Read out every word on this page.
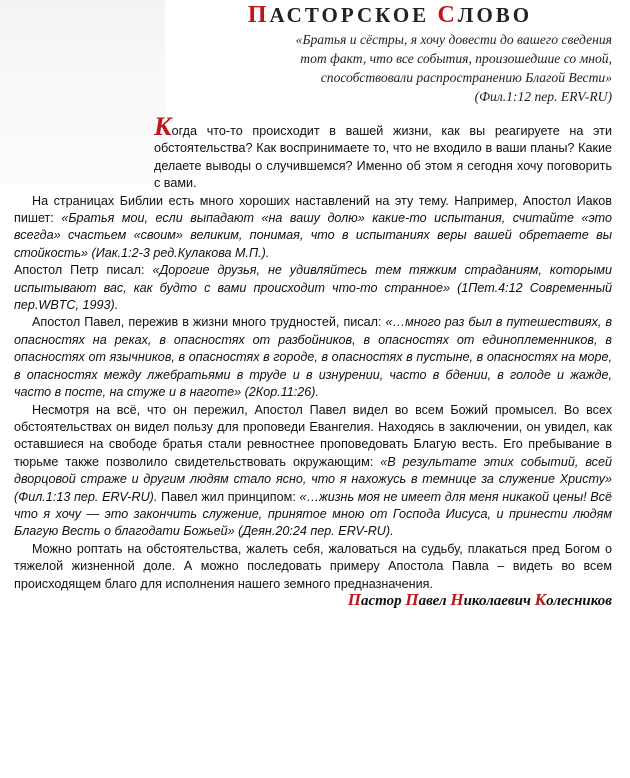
ПАСТОРСКОЕ СЛОВО
«Братья и сёстры, я хочу довести до вашего сведения
тот факт, что все события, произошедшие со мной,
способствовали распространению Благой Вести»
(Фил.1:12 пер. ERV-RU)

Когда что-то происходит в вашей жизни, как вы реагируете на эти обстоятельства? Как воспринимаете то, что не входило в ваши планы? Какие делаете выводы о случившемся? Именно об этом я сегодня хочу поговорить с вами.

На страницах Библии есть много хороших наставлений на эту тему. Например, Апостол Иаков пишет: «Братья мои, если выпадают «на вашу долю» какие-то испытания, считайте «это всегда» счастьем «своим» великим, понимая, что в испытаниях веры вашей обретаете вы стойкость» (Иак.1:2-3 ред.Кулакова М.П.).

Апостол Петр писал: «Дорогие друзья, не удивляйтесь тем тяжким страданиям, которыми испытывают вас, как будто с вами происходит что-то странное» (1Пет.4:12 Современный пер.WBTC, 1993).

Апостол Павел, пережив в жизни много трудностей, писал: «…много раз был в путешествиях, в опасностях на реках, в опасностях от разбойников, в опасностях от единоплеменников, в опасностях от язычников, в опасностях в городе, в опасностях в пустыне, в опасностях на море, в опасностях между лжебратьями в труде и в изнурении, часто в бдении, в голоде и жажде, часто в посте, на стуже и в наготе» (2Кор.11:26).

Несмотря на всё, что он пережил, Апостол Павел видел во всем Божий промысел. Во всех обстоятельствах он видел пользу для проповеди Евангелия. Находясь в заключении, он увидел, как оставшиеся на свободе братья стали ревностнее проповедовать Благую весть. Его пребывание в тюрьме также позволило свидетельствовать окружающим: «В результате этих событий, всей дворцовой страже и другим людям стало ясно, что я нахожусь в темнице за служение Христу» (Фил.1:13 пер. ERV-RU). Павел жил принципом: «…жизнь моя не имеет для меня никакой цены! Всё что я хочу — это закончить служение, принятое мною от Господа Иисуса, и принести людям Благую Весть о благодати Божьей» (Деян.20:24 пер. ERV-RU).

Можно роптать на обстоятельства, жалеть себя, жаловаться на судьбу, плакаться пред Богом о тяжелой жизненной доле. А можно последовать примеру Апостола Павла – видеть во всем происходящем благо для исполнения нашего земного предназначения.

Пастор Павел Николаевич Колесников
